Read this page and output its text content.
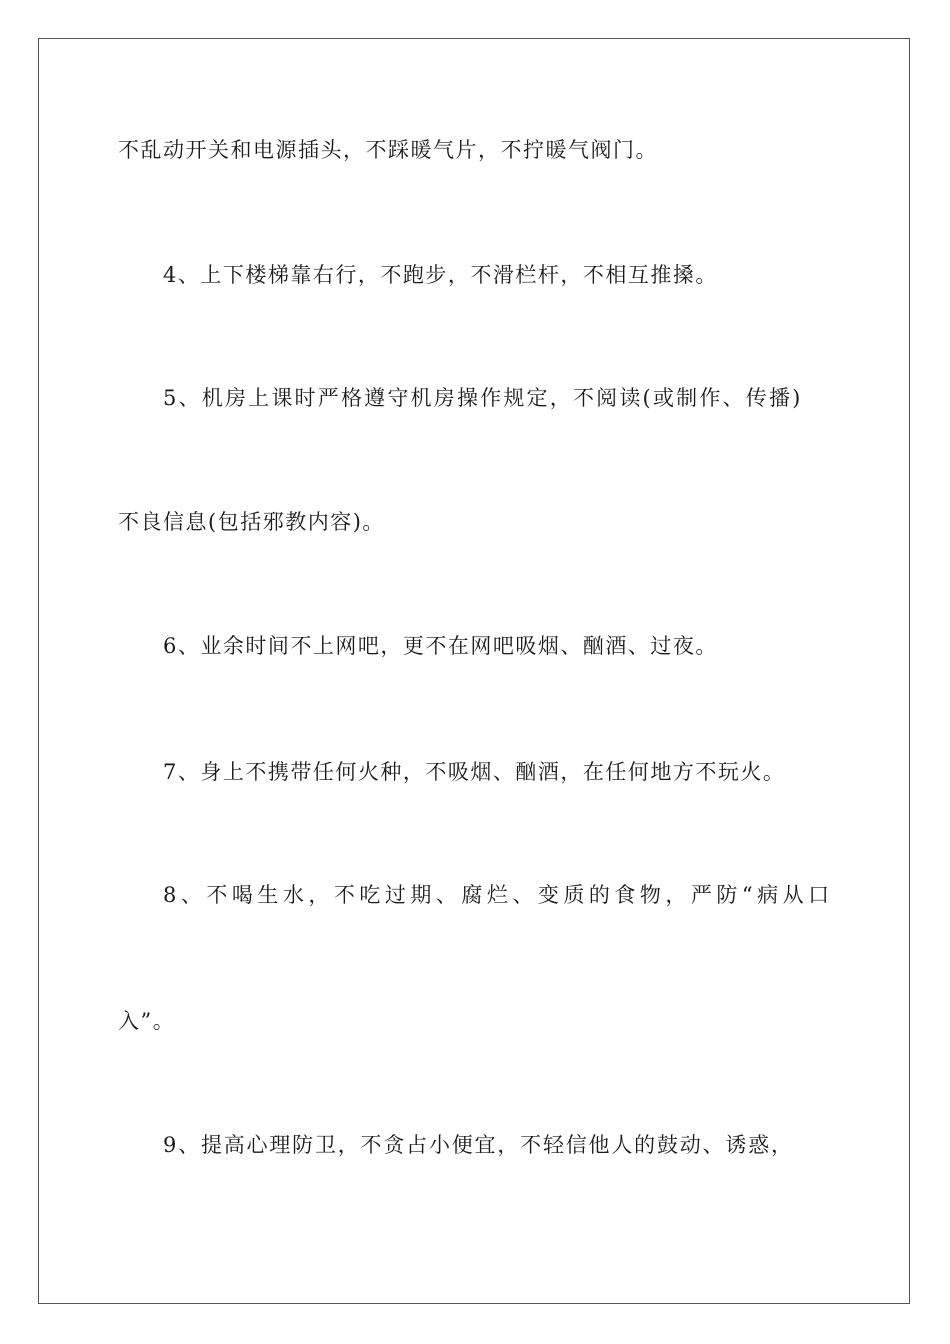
不乱动开关和电源插头，不踩暖气片，不拧暖气阀门。
4、上下楼梯靠右行，不跑步，不滑栏杆，不相互推搡。
5、机房上课时严格遵守机房操作规定，不阅读(或制作、传播)
不良信息(包括邪教内容)。
6、业余时间不上网吧，更不在网吧吸烟、酗酒、过夜。
7、身上不携带任何火种，不吸烟、酗酒，在任何地方不玩火。
8、不喝生水，不吃过期、腐烂、变质的食物，严防“病从口
入”。
9、提高心理防卫，不贪占小便宜，不轻信他人的鼓动、诱惑，
